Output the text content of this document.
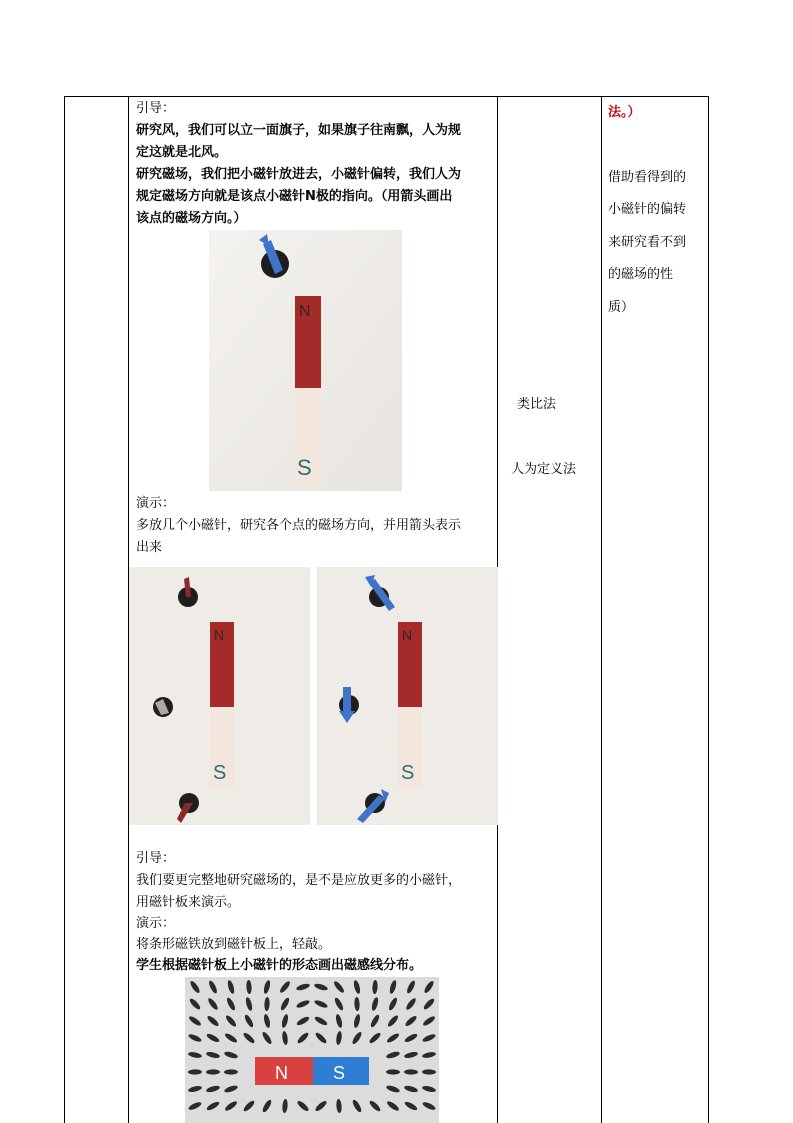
引导：
研究风，我们可以立一面旗子，如果旗子往南飘，人为规
定这就是北风。
研究磁场，我们把小磁针放进去，小磁针偏转，我们人为
规定磁场方向就是该点小磁针N极的指向。（用箭头画出
该点的磁场方向。）
N
S
演示：
多放几个小磁针，研究各个点的磁场方向，并用箭头表示
出来
N
S
N
S
引导：
我们要更完整地研究磁场的，是不是应放更多的小磁针，
用磁针板来演示。
演示：
将条形磁铁放到磁针板上，轻敲。
学生根据磁针板上小磁针的形态画出磁感线分布。
N	S
类比法
人为定义法
法。）
借助看得到的
小磁针的偏转
来研究看不到
的磁场的性
质）
